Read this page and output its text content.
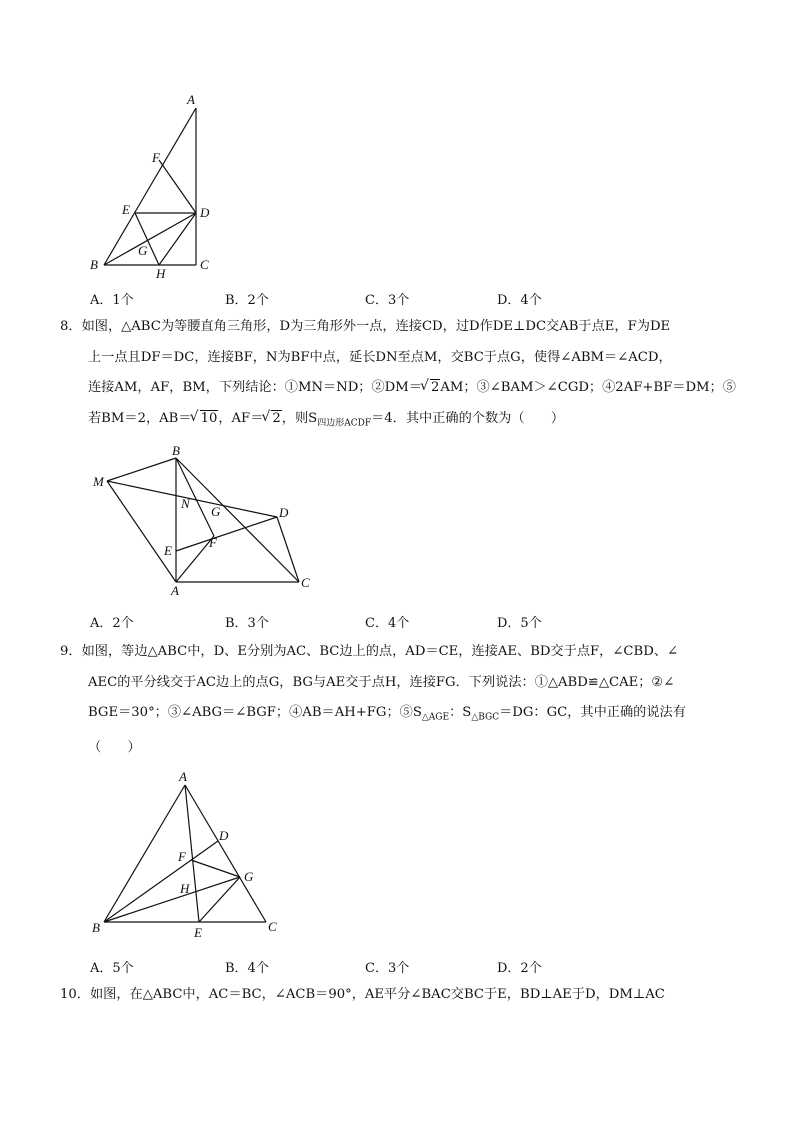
A
F
E	D
G
B
H
C
A．1个	B．2个	C．3个	D．4个
8．如图，△ABC为等腰直角三角形，D为三角形外一点，连接CD，过D作DE⊥DC交AB于点E，F为DE
上一点且DF＝DC，连接BF，N为BF中点，延长DN至点M，交BC于点G，使得∠ABM＝∠ACD，
连接AM，AF，BM，下列结论：①MN＝ND；②DM＝ √ 2AM；③∠BAM＞∠CGD；④2AF+BF＝DM；⑤
若BM＝2，AB＝ √ 10，AF＝ √ 2，则$S_{四边形ACDF}=4$．其中正确的个数为（　　）
B
M
N
G	D
E
F
A
C
A．2个	B．3个	C．4个	D．5个
9．如图，等边△ABC中，D、E分别为AC、BC边上的点，AD＝CE，连接AE、BD交于点F，∠CBD、∠
AEC的平分线交于AC边上的点G，BG与AE交于点H，连接FG．下列说法：①△ABD≌△CAE；②∠
BGE＝30°；③∠ABG＝∠BGF；④AB＝AH+FG；$⑤S_{\triangle AGE}$：$S_{\triangle BGC}=DG$：GC，其中正确的说法有
（　　）
A
D
F
G
H
B	E	C
A．5个	B．4个	C．3个	D．2个
10．如图，在△ABC中，AC＝BC，∠ACB＝90°，AE平分∠BAC交BC于E，BD⊥AE于D，DM⊥AC
